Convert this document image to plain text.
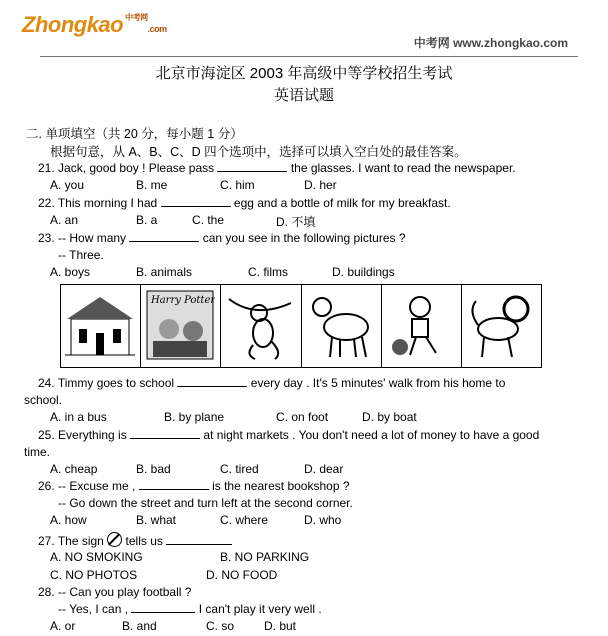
Zhongkao $^{中考网}$.com
中考网 www.zhongkao.com
北京市海淀区 2003 年高级中等学校招生考试
英语试题
二. 单项填空（共 20 分，每小题 1 分）
根据句意，从 A、B、C、D 四个选项中，选择可以填入空白处的最佳答案。
21. Jack, good boy ! Please pass	the glasses. I want to read the newspaper.
A. you	B. me	C. him	D. her
22. This morning I had	egg and a bottle of milk for my breakfast.
A. an	B. a	C. the	D. 不填
23. -- How many	can you see in the following pictures ?
-- Three.
A. boys	B. animals	C. films	D. buildings
Harry Potter
24. Timmy goes to school	every day . It's 5 minutes' walk from his home to
school.
A. in a bus	B. by plane	C. on foot	D. by boat
25. Everything is	at night markets . You don't need a lot of money to have a good
time.
A. cheap	B. bad	C. tired	D. dear
26. -- Excuse me ,	is the nearest bookshop ?
-- Go down the street and turn left at the second corner.
A. how	B. what	C. where	D. who
27. The sign tells us
A. NO SMOKING	B. NO PARKING
C. NO PHOTOS	D. NO FOOD
28. -- Can you play football ?
-- Yes, I can ,	I can't play it very well .
A. or	B. and	C. so D. but
